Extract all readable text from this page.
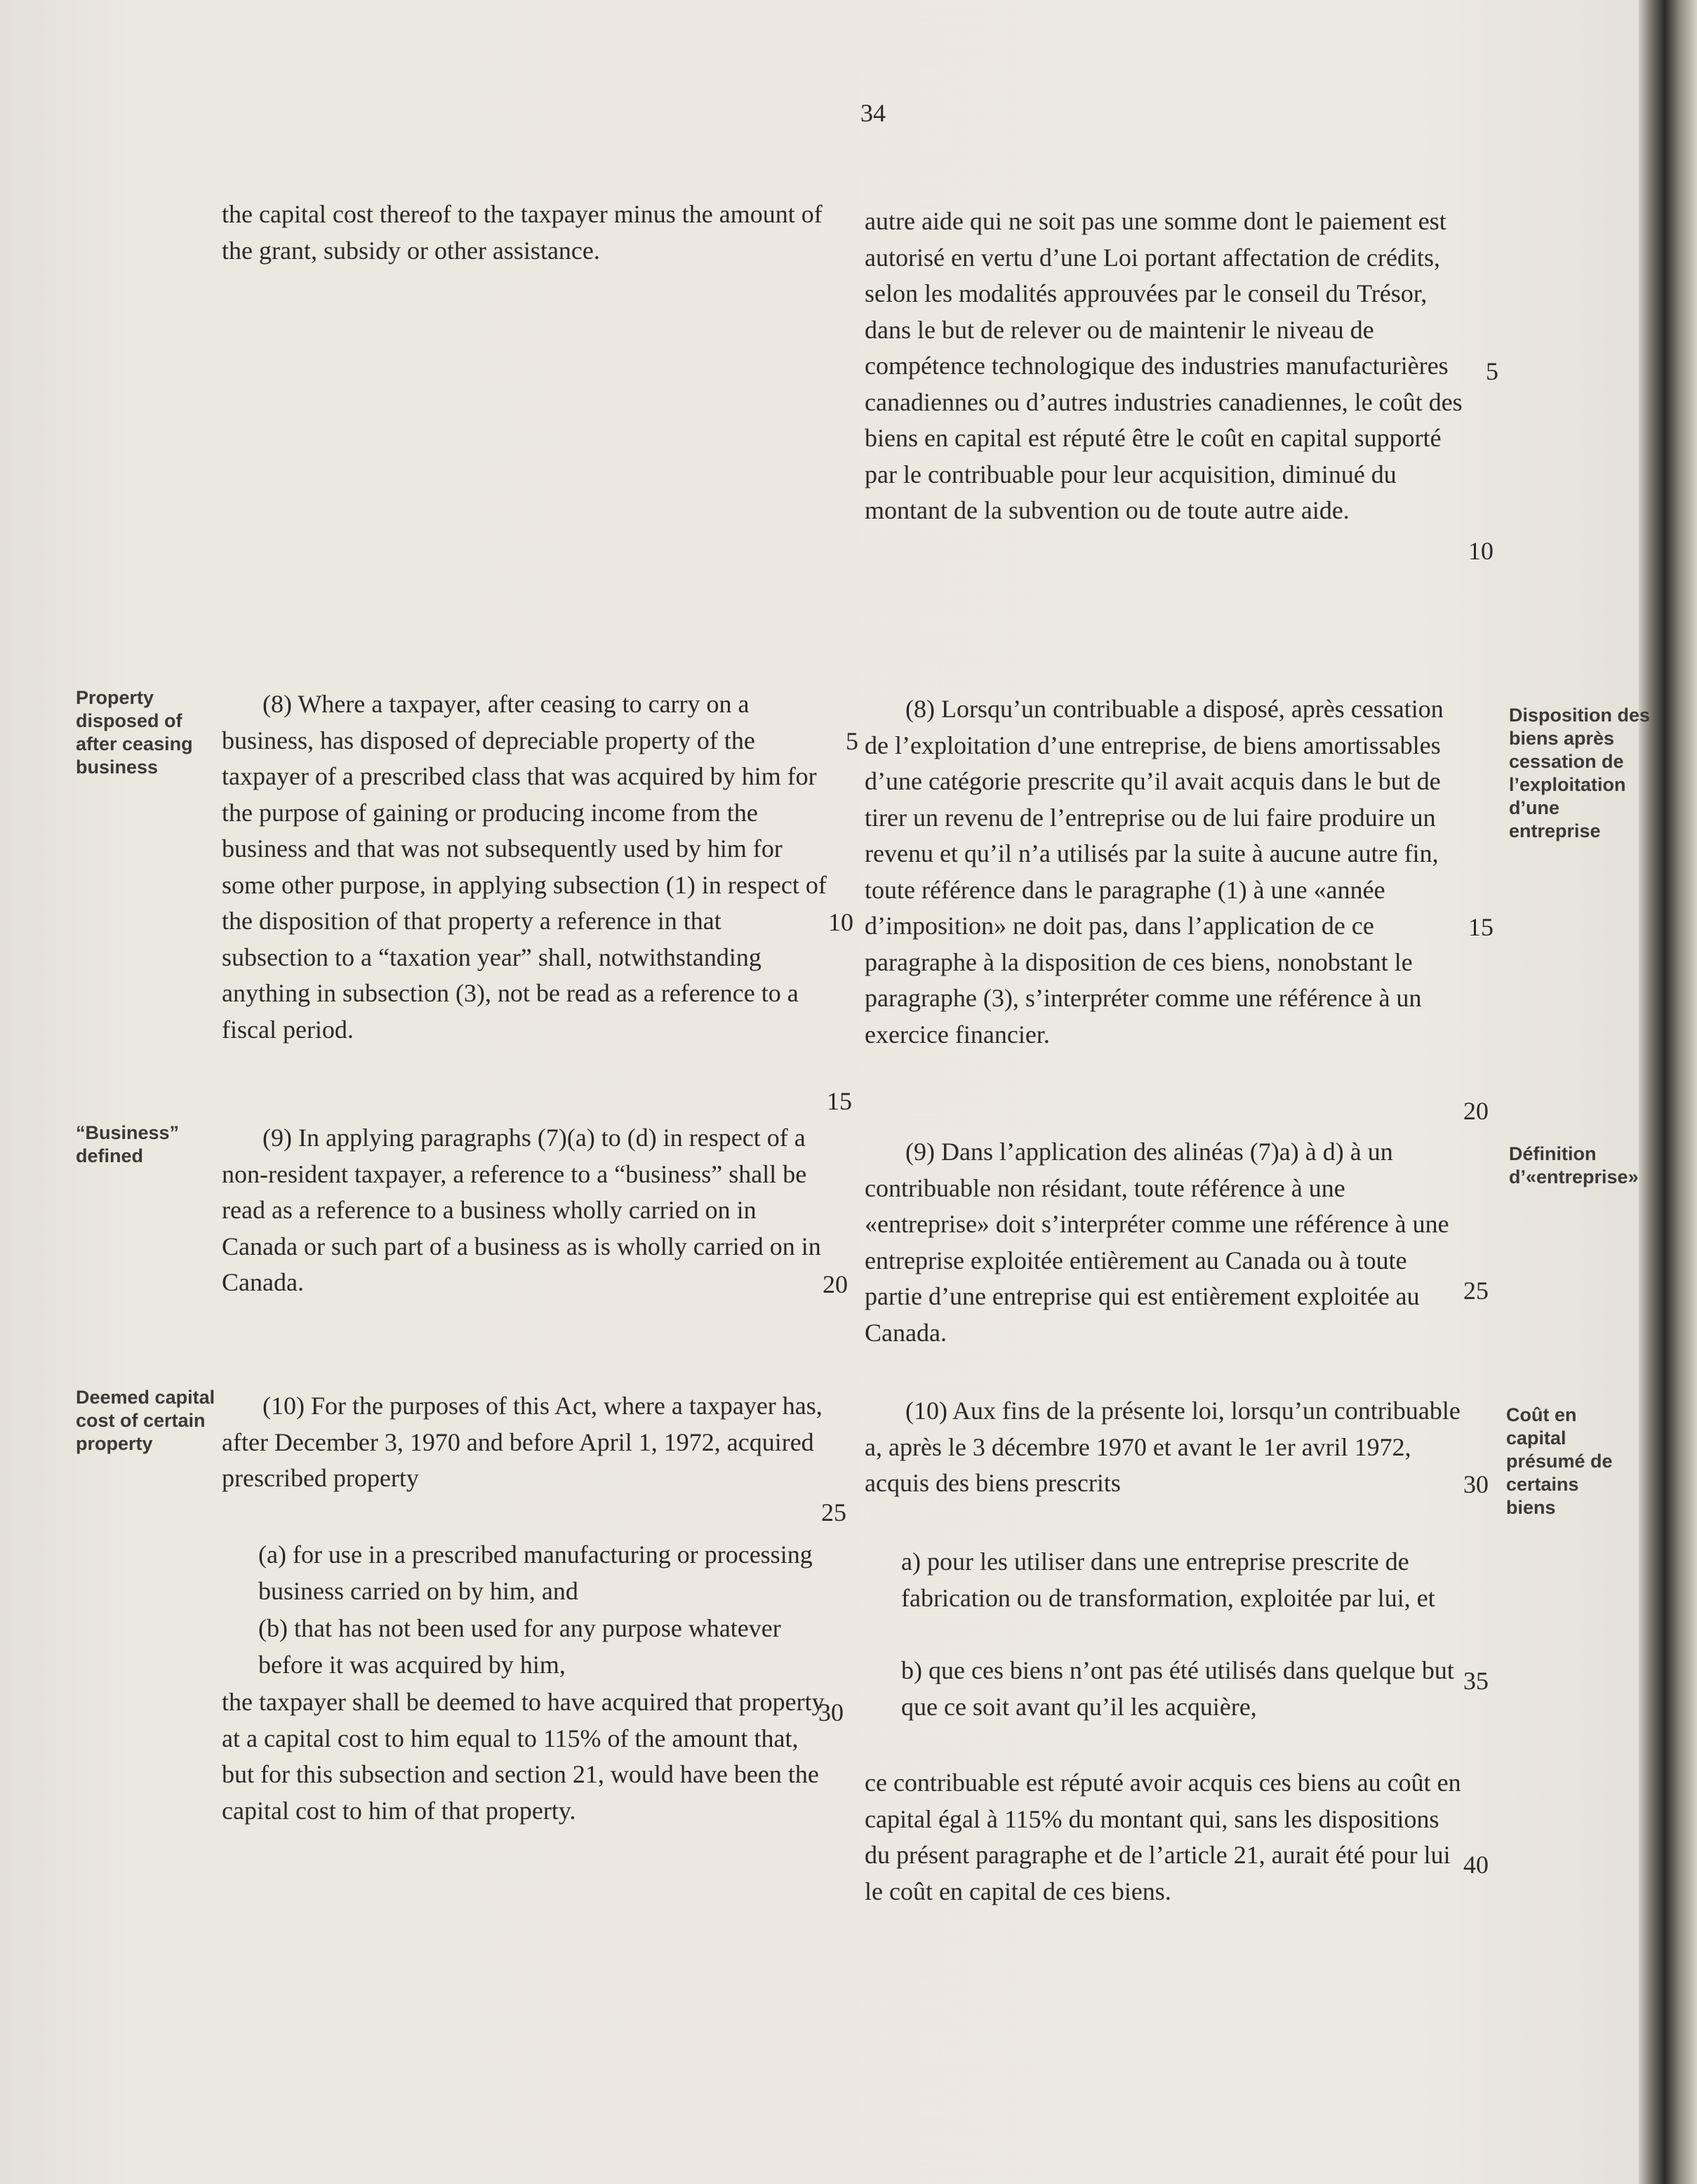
34

the capital cost thereof to the taxpayer minus the amount of the grant, subsidy or other assistance.

(8) Where a taxpayer, after ceasing to carry on a business, has disposed of depreciable property of the taxpayer of a prescribed class that was acquired by him for the purpose of gaining or producing income from the business and that was not subsequently used by him for some other purpose, in applying subsection (1) in respect of the disposition of that property a reference in that subsection to a “taxation year” shall, notwithstanding anything in subsection (3), not be read as a reference to a fiscal period.

(9) In applying paragraphs (7)(a) to (d) in respect of a non-resident taxpayer, a reference to a “business” shall be read as a reference to a business wholly carried on in Canada or such part of a business as is wholly carried on in Canada.

(10) For the purposes of this Act, where a taxpayer has, after December 3, 1970 and before April 1, 1972, acquired prescribed property

(a) for use in a prescribed manufacturing or processing business carried on by him, and

(b) that has not been used for any purpose whatever before it was acquired by him,

the taxpayer shall be deemed to have acquired that property at a capital cost to him equal to 115% of the amount that, but for this subsection and section 21, would have been the capital cost to him of that property.

5
10
15
20
25
30

autre aide qui ne soit pas une somme dont le paiement est autorisé en vertu d’une Loi portant affectation de crédits, selon les modalités approuvées par le conseil du Trésor, dans le but de relever ou de maintenir le niveau de compétence technologique des industries manufacturières canadiennes ou d’autres industries canadiennes, le coût des biens en capital est réputé être le coût en capital supporté par le contribuable pour leur acquisition, diminué du montant de la subvention ou de toute autre aide.

(8) Lorsqu’un contribuable a disposé, après cessation de l’exploitation d’une entreprise, de biens amortissables d’une catégorie prescrite qu’il avait acquis dans le but de tirer un revenu de l’entreprise ou de lui faire produire un revenu et qu’il n’a utilisés par la suite à aucune autre fin, toute référence dans le paragraphe (1) à une «année d’imposition» ne doit pas, dans l’application de ce paragraphe à la disposition de ces biens, nonobstant le paragraphe (3), s’interpréter comme une référence à un exercice financier.

(9) Dans l’application des alinéas (7)a) à d) à un contribuable non résidant, toute référence à une «entreprise» doit s’interpréter comme une référence à une entreprise exploitée entièrement au Canada ou à toute partie d’une entreprise qui est entièrement exploitée au Canada.

(10) Aux fins de la présente loi, lorsqu’un contribuable a, après le 3 décembre 1970 et avant le 1er avril 1972, acquis des biens prescrits

a) pour les utiliser dans une entreprise prescrite de fabrication ou de transformation, exploitée par lui, et

b) que ces biens n’ont pas été utilisés dans quelque but que ce soit avant qu’il les acquière,

ce contribuable est réputé avoir acquis ces biens au coût en capital égal à 115% du montant qui, sans les dispositions du présent paragraphe et de l’article 21, aurait été pour lui le coût en capital de ces biens.

5
10
15
20
25
30
35
40
Property disposed of after ceasing business
“Business” defined
Deemed capital cost of certain property
Disposition des biens après cessation de l’exploitation d’une entreprise
Définition d’«entreprise»
Coût en capital présumé de certains biens
